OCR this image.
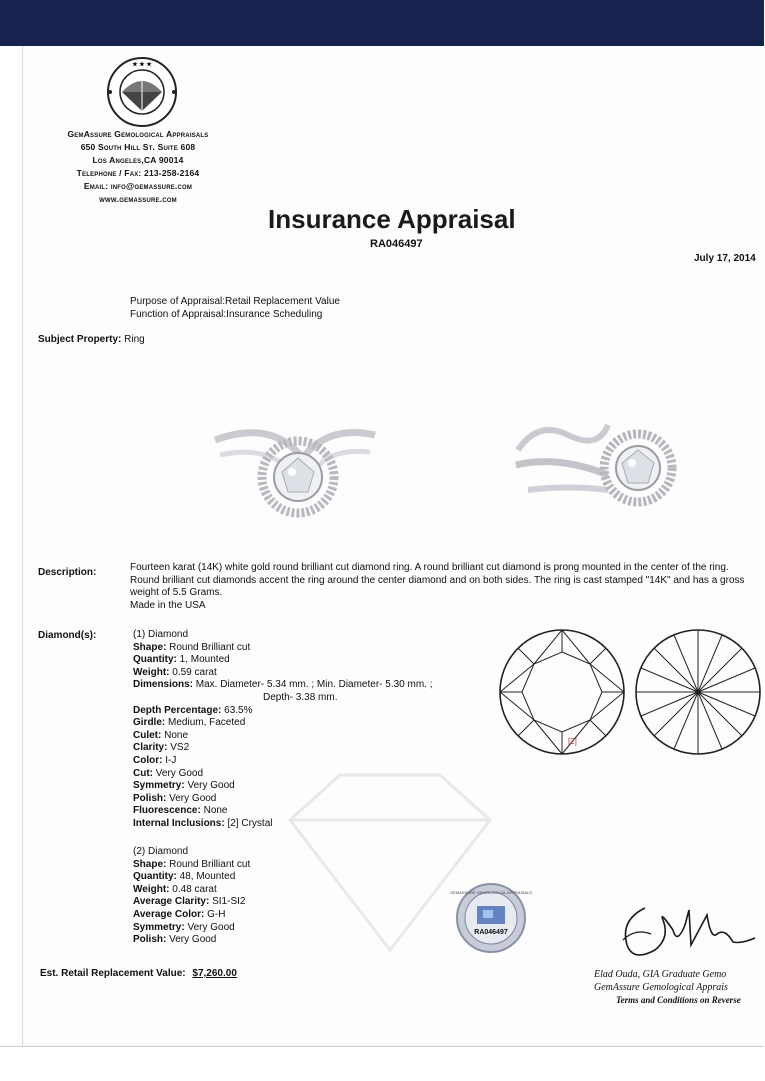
★ ★ ★
GemAssure Gemological Appraisals
650 South Hill St. Suite 608
Los Angeles,CA 90014
Telephone / Fax: 213-258-2164
Email: info@gemassure.com
www.gemassure.com
Insurance Appraisal
RA046497
July 17, 2014
Purpose of Appraisal:Retail Replacement Value
Function of Appraisal:Insurance Scheduling
Subject Property: Ring
Description:	Fourteen karat (14K) white gold round brilliant cut diamond ring. A round brilliant cut diamond is prong mounted in the center of the ring. Round brilliant cut diamonds accent the ring around the center diamond and on both sides. The ring is cast stamped "14K" and has a gross weight of 5.5 Grams.
Made in the USA
Diamond(s):	(1) Diamond
Shape: Round Brilliant cut
Quantity: 1, Mounted
Weight: 0.59 carat
Dimensions: Max. Diameter- 5.34 mm. ; Min. Diameter- 5.30 mm. ;
Depth- 3.38 mm.
Depth Percentage: 63.5%
Girdle: Medium, Faceted
Culet: None
Clarity: VS2
Color: I-J
Cut: Very Good
Symmetry: Very Good
Polish: Very Good
Fluorescence: None
Internal Inclusions: [2] Crystal
(2) Diamond
Shape: Round Brilliant cut
Quantity: 48, Mounted
Weight: 0.48 carat
Average Clarity: SI1-SI2
Average Color: G-H
Symmetry: Very Good
Polish: Very Good
[2]
GEMASSURE GEMOLOGICAL APPRAISALS
RA046497
Est. Retail Replacement Value: $7,260.00	Elad Ouda, GIA Graduate Gemo
GemAssure Gemological Apprais
Terms and Conditions on Reverse
